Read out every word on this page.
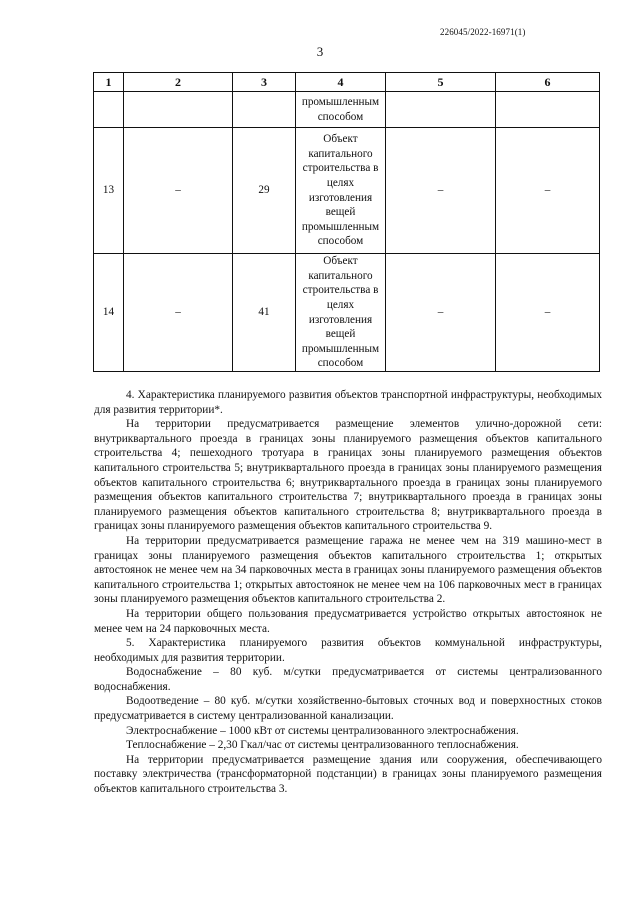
226045/2022-16971(1)
3
1	2	3	4	5	6
			промышленным способом		
13	–	29	Объект капитального строительства в целях изготовления вещей промышленным способом	–	–
14	–	41	Объект капитального строительства в целях изготовления вещей промышленным способом	–	–

4. Характеристика планируемого развития объектов транспортной инфраструктуры, необходимых для развития территории*.

На территории предусматривается размещение элементов улично-дорожной сети: внутриквартального проезда в границах зоны планируемого размещения объектов капитального строительства 4; пешеходного тротуара в границах зоны планируемого размещения объектов капитального строительства 5; внутриквартального проезда в границах зоны планируемого размещения объектов капитального строительства 6; внутриквартального проезда в границах зоны планируемого размещения объектов капитального строительства 7; внутриквартального проезда в границах зоны планируемого размещения объектов капитального строительства 8; внутриквартального проезда в границах зоны планируемого размещения объектов капитального строительства 9.

На территории предусматривается размещение гаража не менее чем на 319 машино-мест в границах зоны планируемого размещения объектов капитального строительства 1; открытых автостоянок не менее чем на 34 парковочных места в границах зоны планируемого размещения объектов капитального строительства 1; открытых автостоянок не менее чем на 106 парковочных мест в границах зоны планируемого размещения объектов капитального строительства 2.

На территории общего пользования предусматривается устройство открытых автостоянок не менее чем на 24 парковочных места.

5. Характеристика планируемого развития объектов коммунальной инфраструктуры, необходимых для развития территории.

Водоснабжение – 80 куб. м/сутки предусматривается от системы централизованного водоснабжения.

Водоотведение – 80 куб. м/сутки хозяйственно-бытовых сточных вод и поверхностных стоков предусматривается в систему централизованной канализации.

Электроснабжение – 1000 кВт от системы централизованного электроснабжения.

Теплоснабжение – 2,30 Гкал/час от системы централизованного теплоснабжения.

На территории предусматривается размещение здания или сооружения, обеспечивающего поставку электричества (трансформаторной подстанции) в границах зоны планируемого размещения объектов капитального строительства 3.
